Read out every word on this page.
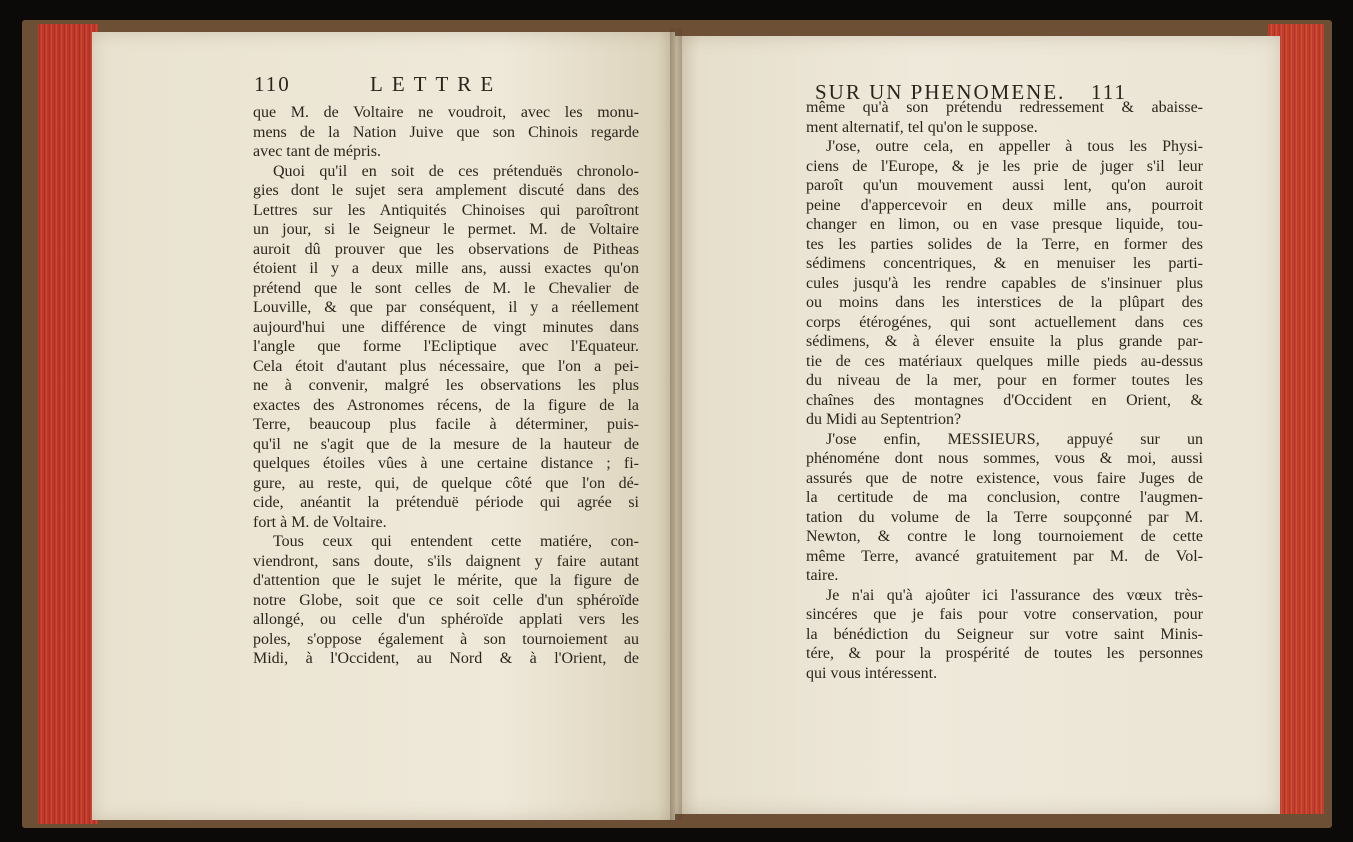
110	LETTRE
que M. de Voltaire ne voudroit, avec les monu-
mens de la Nation Juive que son Chinois regarde
avec tant de mépris.
Quoi qu'il en soit de ces prétenduës chronolo-
gies dont le sujet sera amplement discuté dans des
Lettres sur les Antiquités Chinoises qui paroîtront
un jour, si le Seigneur le permet. M. de Voltaire
auroit dû prouver que les observations de Pitheas
étoient il y a deux mille ans, aussi exactes qu'on
prétend que le sont celles de M. le Chevalier de
Louville, & que par conséquent, il y a réellement
aujourd'hui une différence de vingt minutes dans
l'angle que forme l'Ecliptique avec l'Equateur.
Cela étoit d'autant plus nécessaire, que l'on a pei-
ne à convenir, malgré les observations les plus
exactes des Astronomes récens, de la figure de la
Terre, beaucoup plus facile à déterminer, puis-
qu'il ne s'agit que de la mesure de la hauteur de
quelques étoiles vûes à une certaine distance ; fi-
gure, au reste, qui, de quelque côté que l'on dé-
cide, anéantit la prétenduë période qui agrée si
fort à M. de Voltaire.
Tous ceux qui entendent cette matiére, con-
viendront, sans doute, s'ils daignent y faire autant
d'attention que le sujet le mérite, que la figure de
notre Globe, soit que ce soit celle d'un sphéroïde
allongé, ou celle d'un sphéroïde applati vers les
poles, s'oppose également à son tournoiement au
Midi, à l'Occident, au Nord & à l'Orient, de
SUR UN PHENOMENE. 111
même qu'à son prétendu redressement & abaisse-
ment alternatif, tel qu'on le suppose.
J'ose, outre cela, en appeller à tous les Physi-
ciens de l'Europe, & je les prie de juger s'il leur
paroît qu'un mouvement aussi lent, qu'on auroit
peine d'appercevoir en deux mille ans, pourroit
changer en limon, ou en vase presque liquide, tou-
tes les parties solides de la Terre, en former des
sédimens concentriques, & en menuiser les parti-
cules jusqu'à les rendre capables de s'insinuer plus
ou moins dans les interstices de la plûpart des
corps étérogénes, qui sont actuellement dans ces
sédimens, & à élever ensuite la plus grande par-
tie de ces matériaux quelques mille pieds au-dessus
du niveau de la mer, pour en former toutes les
chaînes des montagnes d'Occident en Orient, &
du Midi au Septentrion?
J'ose enfin, MESSIEURS, appuyé sur un
phénoméne dont nous sommes, vous & moi, aussi
assurés que de notre existence, vous faire Juges de
la certitude de ma conclusion, contre l'augmen-
tation du volume de la Terre soupçonné par M.
Newton, & contre le long tournoiement de cette
même Terre, avancé gratuitement par M. de Vol-
taire.
Je n'ai qu'à ajoûter ici l'assurance des vœux très-
sincéres que je fais pour votre conservation, pour
la bénédiction du Seigneur sur votre saint Minis-
tére, & pour la prospérité de toutes les personnes
qui vous intéressent.
